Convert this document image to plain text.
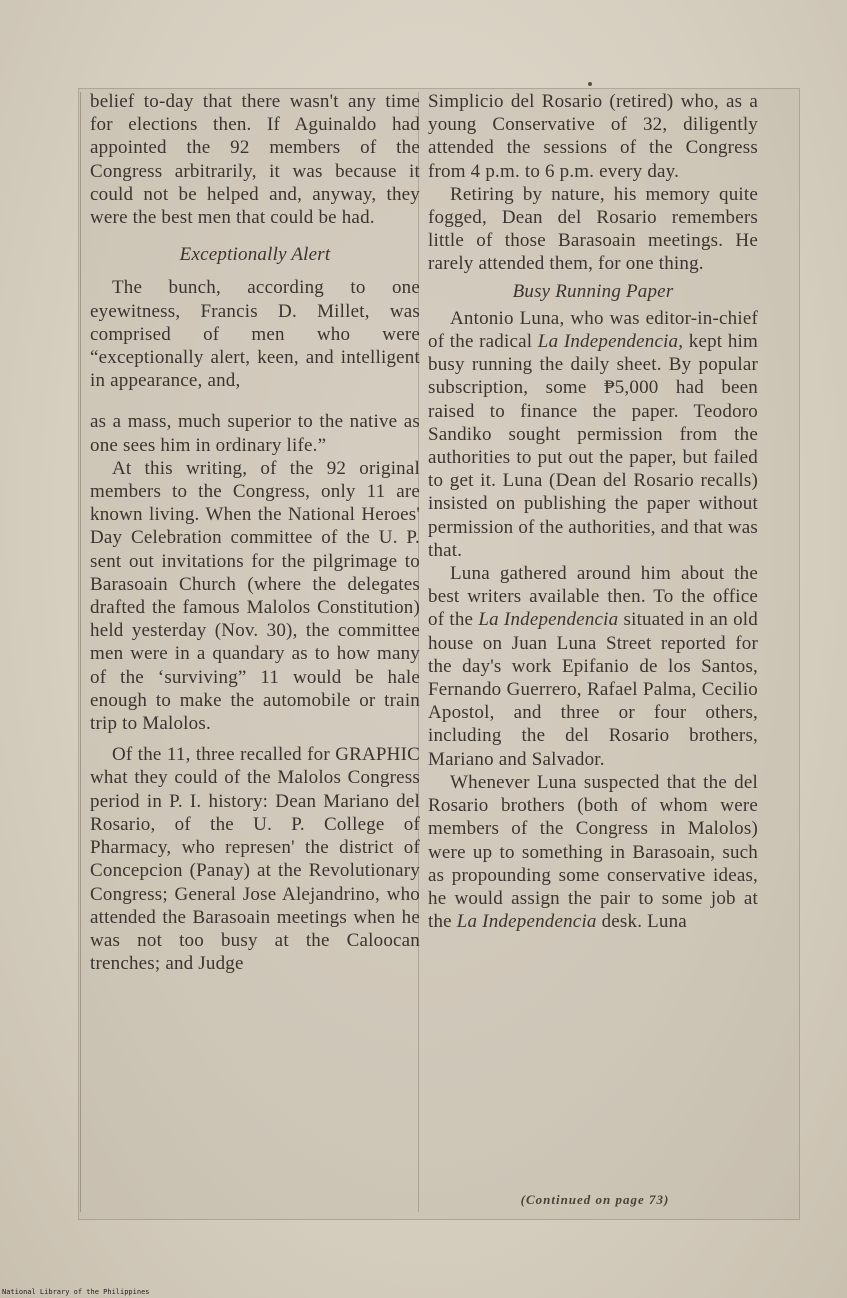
belief to-day that there wasn't any time for elections then. If Aguinaldo had appointed the 92 members of the Congress arbitrarily, it was because it could not be helped and, anyway, they were the best men that could be had.

Exceptionally Alert

The bunch, according to one eyewitness, Francis D. Millet, was comprised of men who were “exceptionally alert, keen, and intelligent in appearance, and,

as a mass, much superior to the native as one sees him in ordinary life.”

At this writing, of the 92 original members to the Congress, only 11 are known living. When the National Heroes' Day Celebration committee of the U. P. sent out invitations for the pilgrimage to Barasoain Church (where the delegates drafted the famous Malolos Constitution) held yesterday (Nov. 30), the committee men were in a quandary as to how many of the ‘surviving” 11 would be hale enough to make the automobile or train trip to Malolos.

Of the 11, three recalled for GRAPHIC what they could of the Malolos Congress period in P. I. history: Dean Mariano del Rosario, of the U. P. College of Pharmacy, who represen' the district of Concepcion (Panay) at the Revolutionary Congress; General Jose Alejandrino, who attended the Barasoain meetings when he was not too busy at the Caloocan trenches; and Judge

Simplicio del Rosario (retired) who, as a young Conservative of 32, diligently attended the sessions of the Congress from 4 p.m. to 6 p.m. every day.

Retiring by nature, his memory quite fogged, Dean del Rosario remembers little of those Barasoain meetings. He rarely attended them, for one thing.

Busy Running Paper

Antonio Luna, who was editor-in-chief of the radical La Independencia, kept him busy running the daily sheet. By popular subscription, some ₱5,000 had been raised to finance the paper. Teodoro Sandiko sought permission from the authorities to put out the paper, but failed to get it. Luna (Dean del Rosario recalls) insisted on publishing the paper without permission of the authorities, and that was that.

Luna gathered around him about the best writers available then. To the office of the La Independencia situated in an old house on Juan Luna Street reported for the day's work Epifanio de los Santos, Fernando Guerrero, Rafael Palma, Cecilio Apostol, and three or four others, including the del Rosario brothers, Mariano and Salvador.

Whenever Luna suspected that the del Rosario brothers (both of whom were members of the Congress in Malolos) were up to something in Barasoain, such as propounding some conservative ideas, he would assign the pair to some job at the La Independencia desk. Luna

(Continued on page 73)
National Library of the Philippines
